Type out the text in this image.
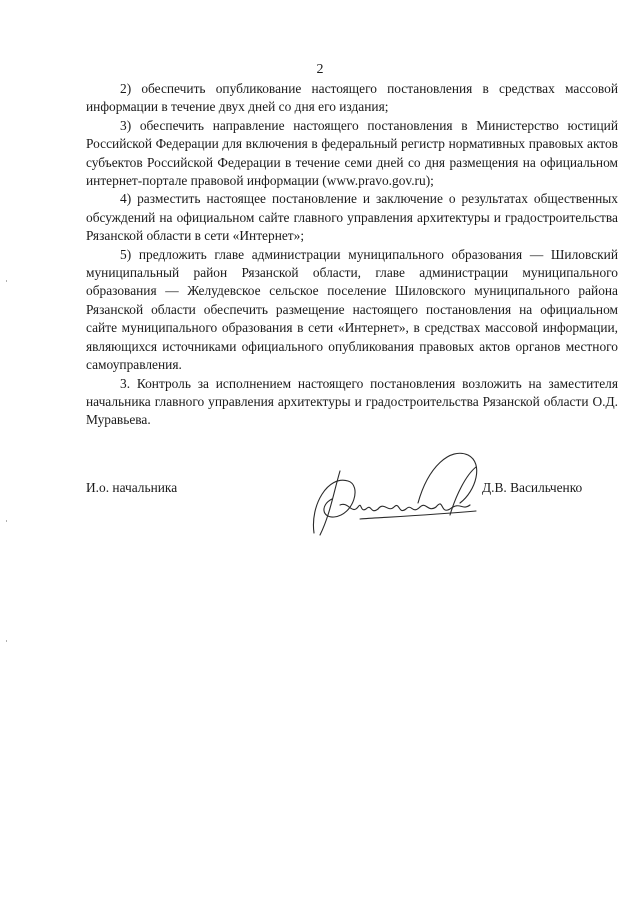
2

2) обеспечить опубликование настоящего постановления в средствах массовой информации в течение двух дней со дня его издания;

3) обеспечить направление настоящего постановления в Министерство юстиций Российской Федерации для включения в федеральный регистр нормативных правовых актов субъектов Российской Федерации в течение семи дней со дня размещения на официальном интернет-портале правовой информации (www.pravo.gov.ru);

4) разместить настоящее постановление и заключение о результатах общественных обсуждений на официальном сайте главного управления архитектуры и градостроительства Рязанской области в сети «Интернет»;

5) предложить главе администрации муниципального образования — Шиловский муниципальный район Рязанской области, главе администрации муниципального образования — Желудевское сельское поселение Шиловского муниципального района Рязанской области обеспечить размещение настоящего постановления на официальном сайте муниципального образования в сети «Интернет», в средствах массовой информации, являющихся источниками официального опубликования правовых актов органов местного самоуправления.

3. Контроль за исполнением настоящего постановления возложить на заместителя начальника главного управления архитектуры и градостроительства Рязанской области О.Д. Муравьева.

И.о. начальника	Д.В. Васильченко
